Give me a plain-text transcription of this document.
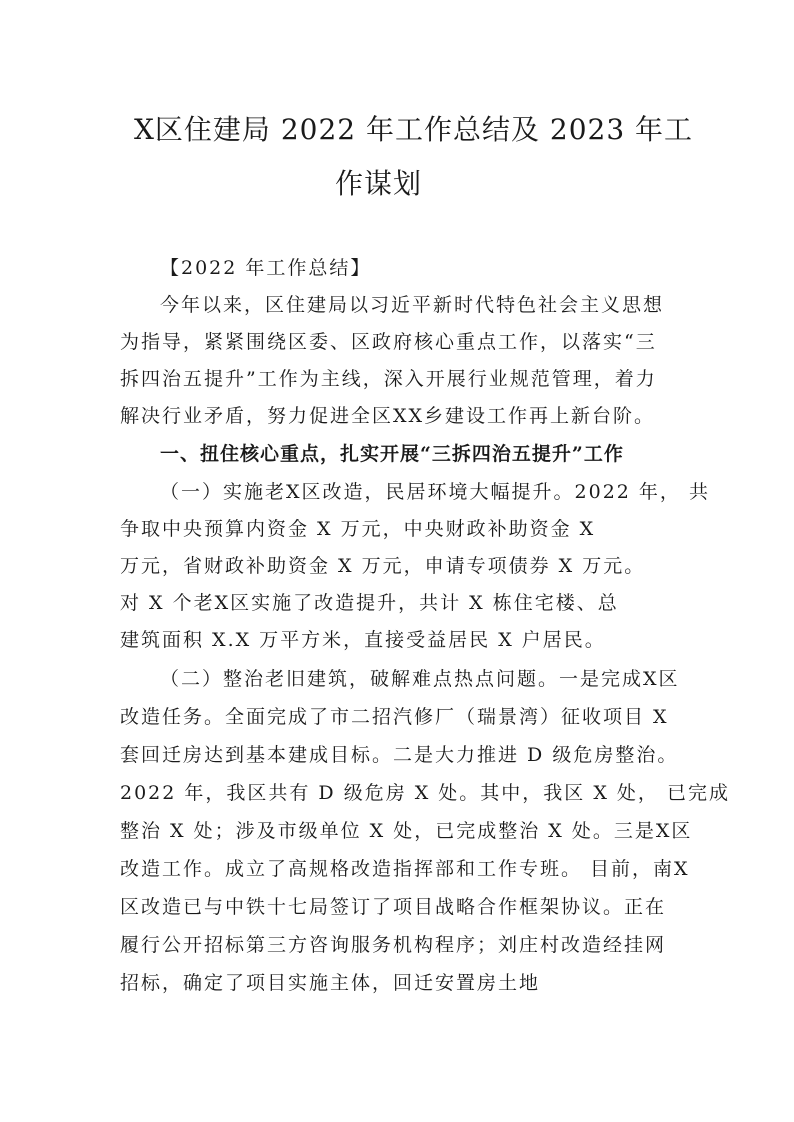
X区住建局 2022 年工作总结及 2023 年工
作谋划
【2022 年工作总结】
今年以来，区住建局以习近平新时代特色社会主义思想
为指导，紧紧围绕区委、区政府核心重点工作，以落实“三
拆四治五提升”工作为主线，深入开展行业规范管理，着力
解决行业矛盾，努力促进全区XX乡建设工作再上新台阶。
一、扭住核心重点，扎实开展“三拆四治五提升”工作
（一）实施老X区改造，民居环境大幅提升。2022 年， 共
争取中央预算内资金 X 万元，中央财政补助资金 X
万元，省财政补助资金 X 万元，申请专项债券 X 万元。
对 X 个老X区实施了改造提升，共计 X 栋住宅楼、总
建筑面积 X.X 万平方米，直接受益居民 X 户居民。
（二）整治老旧建筑，破解难点热点问题。一是完成X区
改造任务。全面完成了市二招汽修厂（瑞景湾）征收项目 X
套回迁房达到基本建成目标。二是大力推进 D 级危房整治。
2022 年，我区共有 D 级危房 X 处。其中，我区 X 处， 已完成
整治 X 处；涉及市级单位 X 处，已完成整治 X 处。三是X区
改造工作。成立了高规格改造指挥部和工作专班。 目前，南X
区改造已与中铁十七局签订了项目战略合作框架协议。正在
履行公开招标第三方咨询服务机构程序；刘庄村改造经挂网
招标，确定了项目实施主体，回迁安置房土地
